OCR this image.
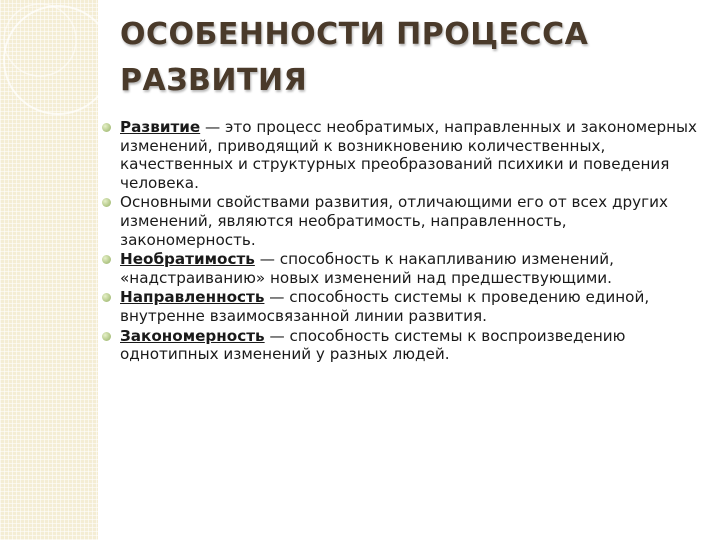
ОСОБЕННОСТИ ПРОЦЕССА РАЗВИТИЯ
Развитие — это процесс необратимых, направленных и закономерных изменений, приводящий к возникновению количественных, качественных и структурных преобразований психики и поведения человека.
Основными свойствами развития, отличающими его от всех других изменений, являются необратимость, направленность, закономерность.
Необратимость — способность к накапливанию изменений, «надстраиванию» новых изменений над предшествующими.
Направленность — способность системы к проведению единой, внутренне взаимосвязанной линии развития.
Закономерность — способность системы к воспроизведению однотипных изменений у разных людей.
